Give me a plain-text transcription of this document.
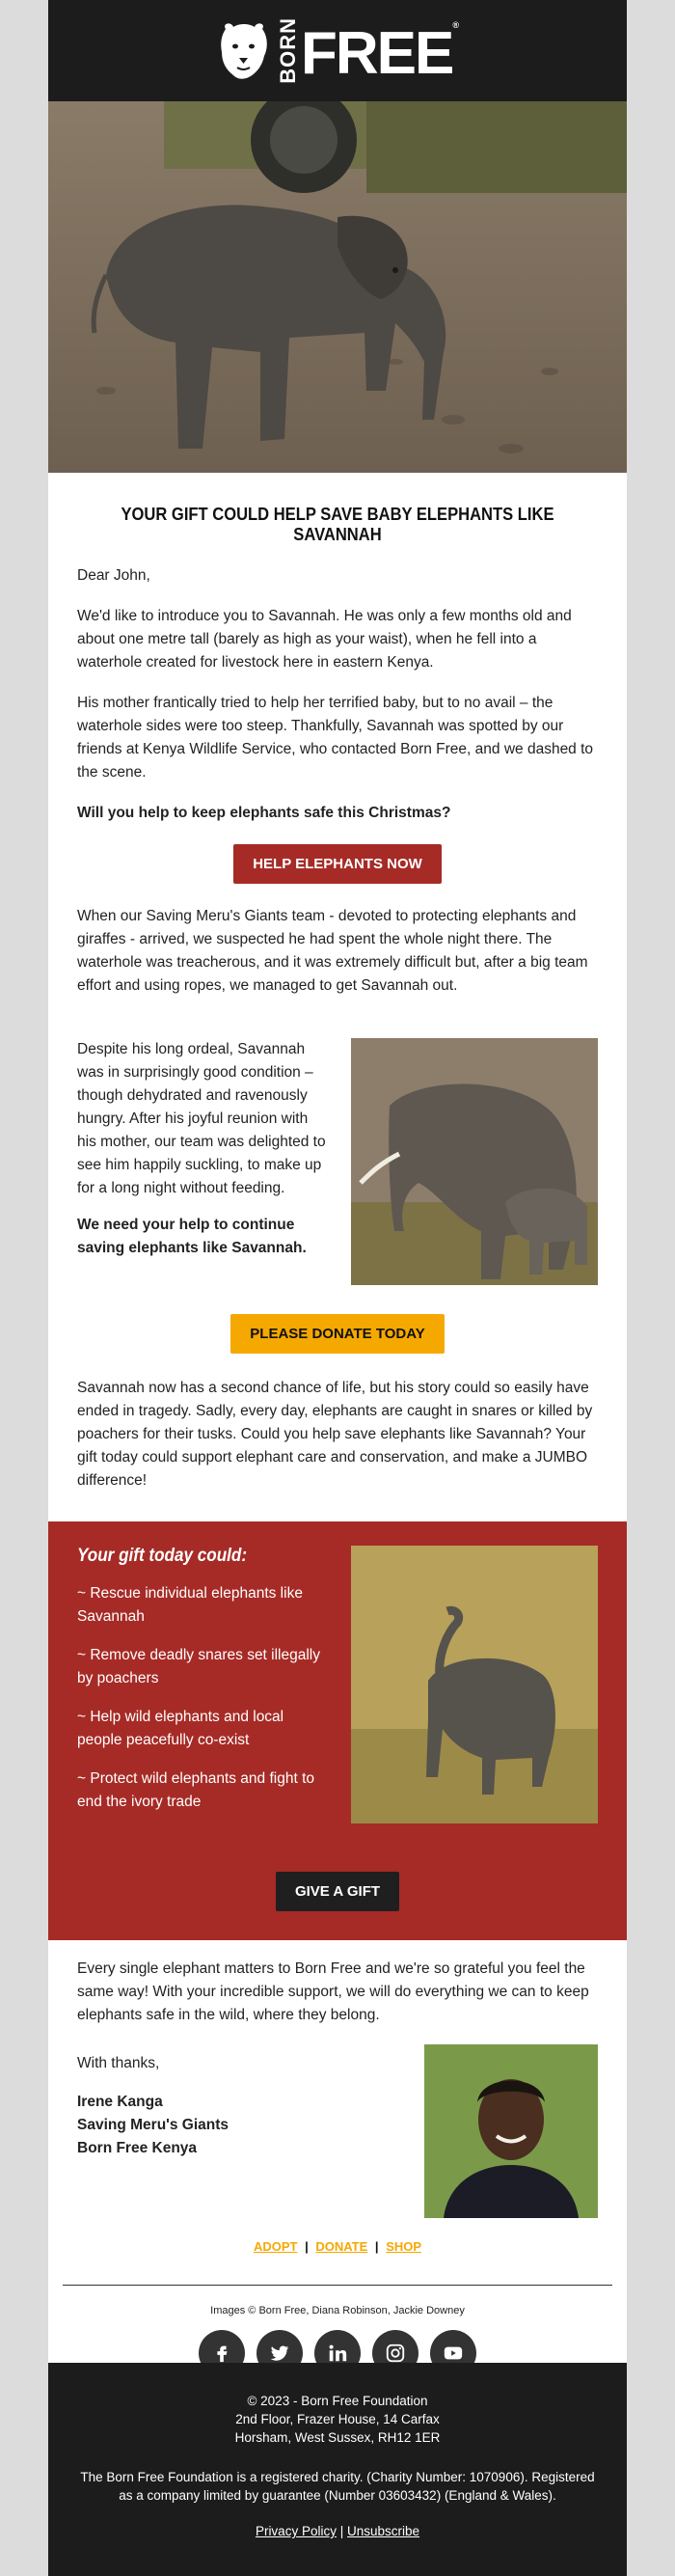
BORN FREE ®
YOUR GIFT COULD HELP SAVE BABY ELEPHANTS LIKE SAVANNAH

Dear John,

We'd like to introduce you to Savannah. He was only a few months old and about one metre tall (barely as high as your waist), when he fell into a waterhole created for livestock here in eastern Kenya.

His mother frantically tried to help her terrified baby, but to no avail – the waterhole sides were too steep. Thankfully, Savannah was spotted by our friends at Kenya Wildlife Service, who contacted Born Free, and we dashed to the scene.

Will you help to keep elephants safe this Christmas?

HELP ELEPHANTS NOW

When our Saving Meru's Giants team - devoted to protecting elephants and giraffes - arrived, we suspected he had spent the whole night there. The waterhole was treacherous, and it was extremely difficult but, after a big team effort and using ropes, we managed to get Savannah out.

Despite his long ordeal, Savannah was in surprisingly good condition – though dehydrated and ravenously hungry. After his joyful reunion with his mother, our team was delighted to see him happily suckling, to make up for a long night without feeding.

We need your help to continue saving elephants like Savannah.

PLEASE DONATE TODAY

Savannah now has a second chance of life, but his story could so easily have ended in tragedy. Sadly, every day, elephants are caught in snares or killed by poachers for their tusks. Could you help save elephants like Savannah? Your gift today could support elephant care and conservation, and make a JUMBO difference!

Your gift today could:
~ Rescue individual elephants like Savannah
~ Remove deadly snares set illegally by poachers
~ Help wild elephants and local people peacefully co-exist
~ Protect wild elephants and fight to end the ivory trade
GIVE A GIFT

Every single elephant matters to Born Free and we're so grateful you feel the same way! With your incredible support, we will do everything we can to keep elephants safe in the wild, where they belong.

With thanks,

Irene Kanga

Saving Meru's Giants

Born Free Kenya

ADOPT | DONATE | SHOP
Images © Born Free, Diana Robinson, Jackie Downey

© 2023 - Born Free Foundation

2nd Floor, Frazer House, 14 Carfax

Horsham, West Sussex, RH12 1ER

The Born Free Foundation is a registered charity. (Charity Number: 1070906). Registered as a company limited by guarantee (Number 03603432) (England & Wales).

Privacy Policy | Unsubscribe
